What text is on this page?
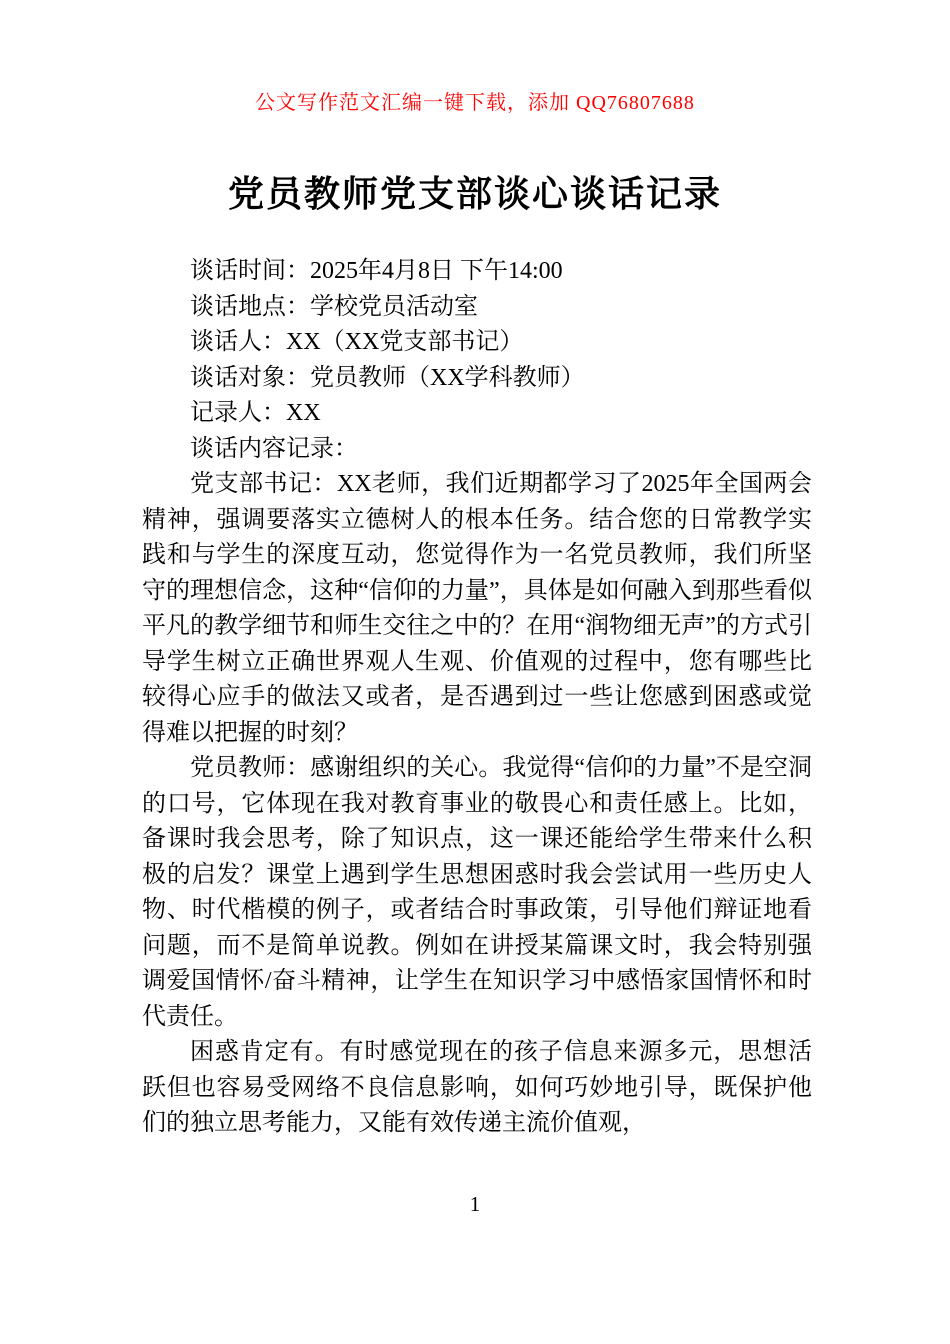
公文写作范文汇编一键下载，添加 QQ76807688
党员教师党支部谈心谈话记录

谈话时间：2025年4月8日 下午14:00

谈话地点：学校党员活动室

谈话人：XX（XX党支部书记）

谈话对象：党员教师（XX学科教师）

记录人：XX

谈话内容记录：

党支部书记：XX老师，我们近期都学习了2025年全国两会精神，强调要落实立德树人的根本任务。结合您的日常教学实践和与学生的深度互动，您觉得作为一名党员教师，我们所坚守的理想信念，这种“信仰的力量”，具体是如何融入到那些看似平凡的教学细节和师生交往之中的？在用“润物细无声”的方式引导学生树立正确世界观人生观、价值观的过程中，您有哪些比较得心应手的做法又或者，是否遇到过一些让您感到困惑或觉得难以把握的时刻？

党员教师：感谢组织的关心。我觉得“信仰的力量”不是空洞的口号，它体现在我对教育事业的敬畏心和责任感上。比如，备课时我会思考，除了知识点，这一课还能给学生带来什么积极的启发？课堂上遇到学生思想困惑时我会尝试用一些历史人物、时代楷模的例子，或者结合时事政策，引导他们辩证地看问题，而不是简单说教。例如在讲授某篇课文时，我会特别强调爱国情怀/奋斗精神，让学生在知识学习中感悟家国情怀和时代责任。

困惑肯定有。有时感觉现在的孩子信息来源多元，思想活跃但也容易受网络不良信息影响，如何巧妙地引导，既保护他们的独立思考能力，又能有效传递主流价值观，

1
